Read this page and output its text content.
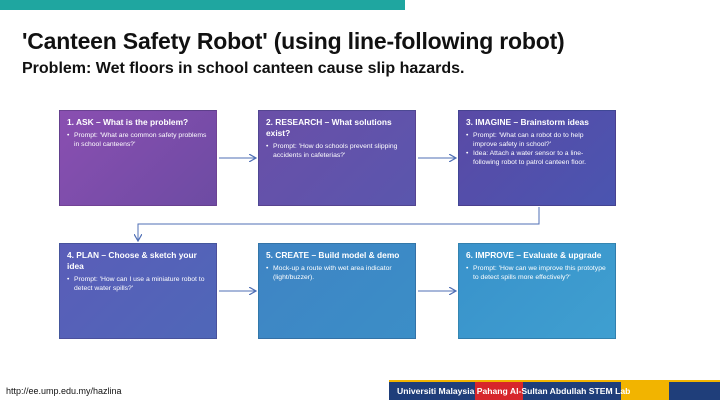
'Canteen Safety Robot' (using line-following robot)
Problem: Wet floors in school canteen cause slip hazards.
1. ASK – What is the problem?
• Prompt: 'What are common safety problems in school canteens?'
2. RESEARCH – What solutions exist?
• Prompt: 'How do schools prevent slipping accidents in cafeterias?'
3. IMAGINE – Brainstorm ideas
• Prompt: 'What can a robot do to help improve safety in school?'
• Idea: Attach a water sensor to a line-following robot to patrol canteen floor.
4. PLAN – Choose & sketch your idea
• Prompt: 'How can I use a miniature robot to detect water spills?'
5. CREATE – Build model & demo
• Mock-up a route with wet area indicator (light/buzzer).
6. IMPROVE – Evaluate & upgrade
• Prompt: 'How can we improve this prototype to detect spills more effectively?'
http://ee.ump.edu.my/hazlina	Universiti Malaysia Pahang Al-Sultan Abdullah STEM Lab
